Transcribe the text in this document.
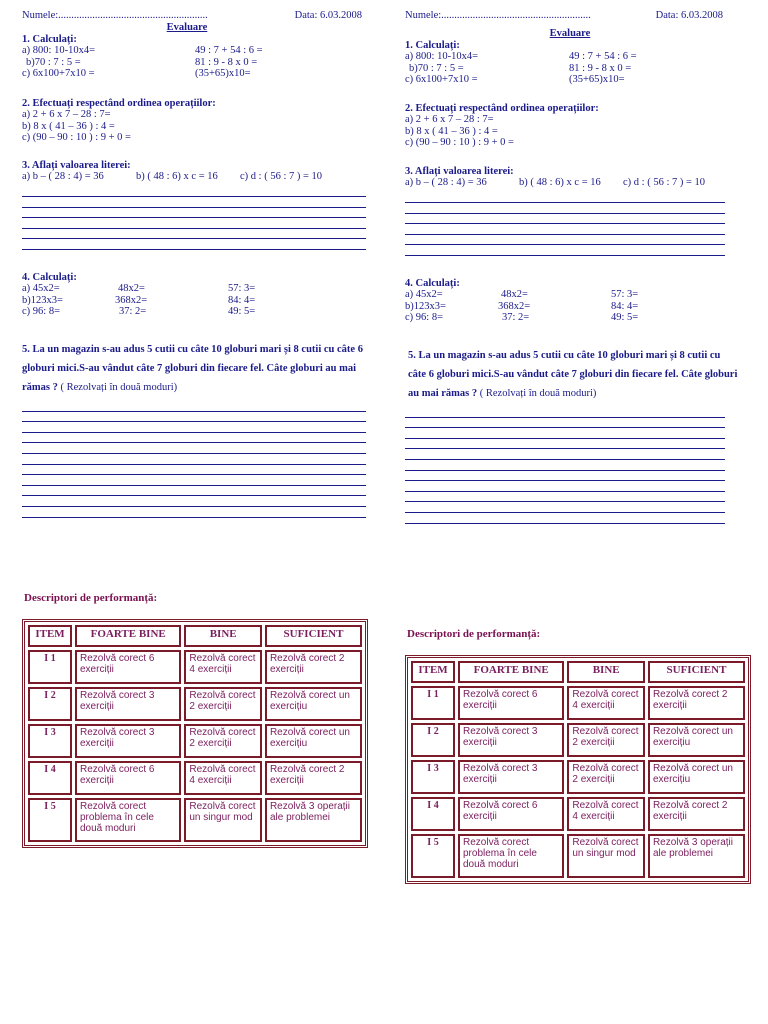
Numele:.........................................................	Data: 6.03.2008
Evaluare
1. Calculați:
a) 800: 10-10x4=	49 : 7 + 54 : 6 =
b)70 : 7 : 5 =	81 : 9 - 8 x 0 =
c) 6x100+7x10 =	(35+65)x10=
2. Efectuați respectând ordinea operațiilor:
a) 2 + 6 x 7 – 28 : 7=
b) 8 x ( 41 – 36 ) : 4 =
c) (90 – 90 : 10 ) : 9 + 0 =
3. Aflați valoarea literei:
a) b – ( 28 : 4) = 36	b) ( 48 : 6) x c = 16 c) d : ( 56 : 7 ) = 10
4. Calculați:
a) 45x2=	48x2=	57: 3=
b)123x3=	368x2=	84: 4=
c) 96: 8=	37: 2=	49: 5=
5. La un magazin s-au adus 5 cutii cu câte 10 globuri mari și 8 cutii cu câte 6 globuri mici.S-au vândut câte 7 globuri din fiecare fel. Câte globuri au mai rămas ? ( Rezolvați în două moduri)
Descriptori de performanță:
ITEM	FOARTE BINE	BINE	SUFICIENT
I 1	Rezolvă corect 6 exerciții	Rezolvă corect 4 exerciții	Rezolvă corect 2 exerciții
I 2	Rezolvă corect 3 exerciții	Rezolvă corect 2 exerciții	Rezolvă corect un exercițiu
I 3	Rezolvă corect 3 exerciții	Rezolvă corect 2 exerciții	Rezolvă corect un exercițiu
I 4	Rezolvă corect 6 exerciții	Rezolvă corect 4 exerciții	Rezolvă corect 2 exerciții
I 5	Rezolvă corect problema în cele două moduri	Rezolvă corect un singur mod	Rezolvă 3 operații ale problemei
Numele:.........................................................	Data: 6.03.2008
Evaluare
1. Calculați:
a) 800: 10-10x4=	49 : 7 + 54 : 6 =
b)70 : 7 : 5 =	81 : 9 - 8 x 0 =
c) 6x100+7x10 =	(35+65)x10=
2. Efectuați respectând ordinea operațiilor:
a) 2 + 6 x 7 – 28 : 7=
b) 8 x ( 41 – 36 ) : 4 =
c) (90 – 90 : 10 ) : 9 + 0 =
3. Aflați valoarea literei:
a) b – ( 28 : 4) = 36	b) ( 48 : 6) x c = 16 c) d : ( 56 : 7 ) = 10
4. Calculați:
a) 45x2=	48x2=	57: 3=
b)123x3=	368x2=	84: 4=
c) 96: 8=	37: 2=	49: 5=
5. La un magazin s-au adus 5 cutii cu câte 10 globuri mari și 8 cutii cu câte 6 globuri mici.S-au vândut câte 7 globuri din fiecare fel. Câte globuri au mai rămas ? ( Rezolvați în două moduri)
Descriptori de performanță:
ITEM	FOARTE BINE	BINE	SUFICIENT
I 1	Rezolvă corect 6 exerciții	Rezolvă corect 4 exerciții	Rezolvă corect 2 exerciții
I 2	Rezolvă corect 3 exerciții	Rezolvă corect 2 exerciții	Rezolvă corect un exercițiu
I 3	Rezolvă corect 3 exerciții	Rezolvă corect 2 exerciții	Rezolvă corect un exercițiu
I 4	Rezolvă corect 6 exerciții	Rezolvă corect 4 exerciții	Rezolvă corect 2 exerciții
I 5	Rezolvă corect problema în cele două moduri	Rezolvă corect un singur mod	Rezolvă 3 operații ale problemei
